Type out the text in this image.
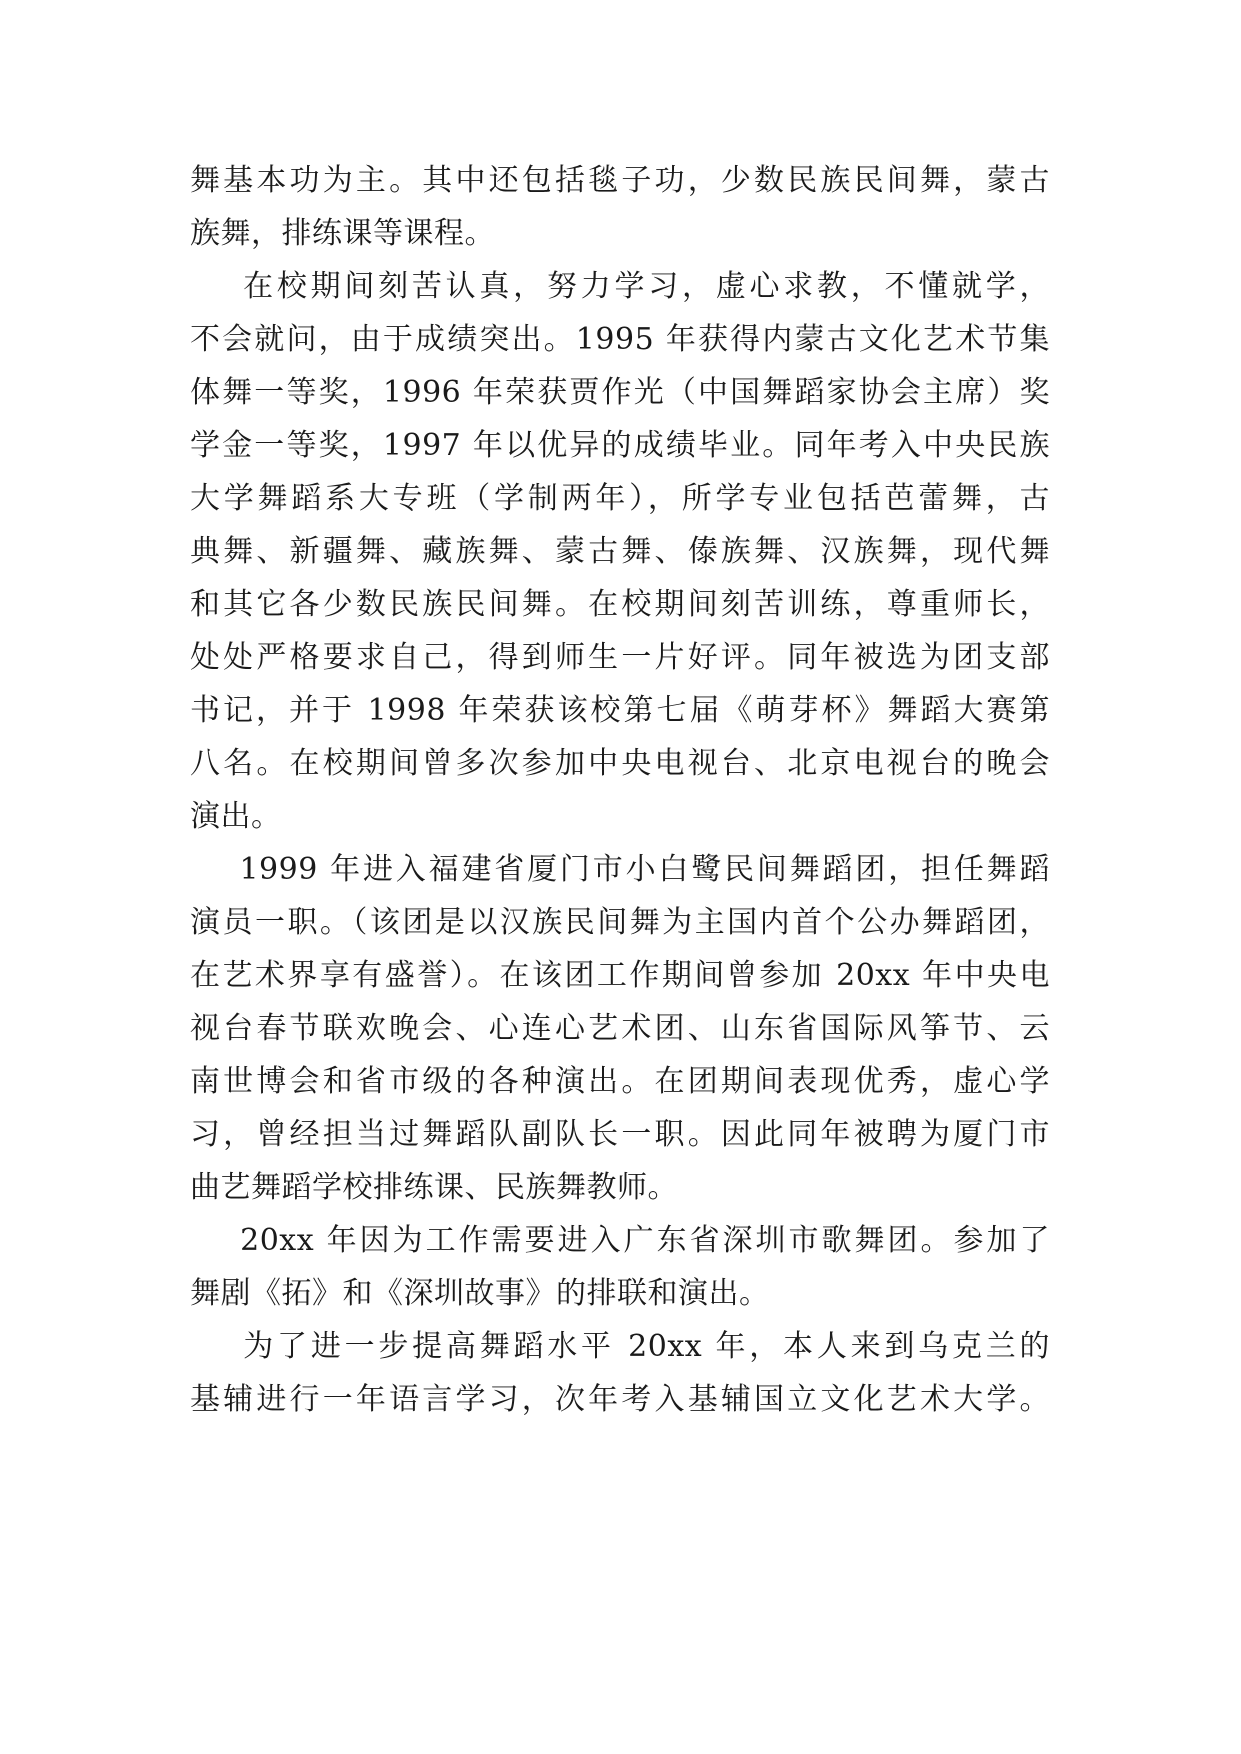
舞基本功为主。其中还包括毯子功，少数民族民间舞，蒙古
族舞，排练课等课程。
在校期间刻苦认真，努力学习，虚心求教，不懂就学，
不会就问，由于成绩突出。1995 年获得内蒙古文化艺术节集
体舞一等奖，1996 年荣获贾作光（中国舞蹈家协会主席）奖
学金一等奖，1997 年以优异的成绩毕业。同年考入中央民族
大学舞蹈系大专班（学制两年），所学专业包括芭蕾舞，古
典舞、新疆舞、藏族舞、蒙古舞、傣族舞、汉族舞，现代舞
和其它各少数民族民间舞。在校期间刻苦训练，尊重师长，
处处严格要求自己，得到师生一片好评。同年被选为团支部
书记，并于 1998 年荣获该校第七届《萌芽杯》舞蹈大赛第
八名。在校期间曾多次参加中央电视台、北京电视台的晚会
演出。
1999 年进入福建省厦门市小白鹭民间舞蹈团，担任舞蹈
演员一职。（该团是以汉族民间舞为主国内首个公办舞蹈团，
在艺术界享有盛誉）。在该团工作期间曾参加 20xx 年中央电
视台春节联欢晚会、心连心艺术团、山东省国际风筝节、云
南世博会和省市级的各种演出。在团期间表现优秀，虚心学
习，曾经担当过舞蹈队副队长一职。因此同年被聘为厦门市
曲艺舞蹈学校排练课、民族舞教师。
20xx 年因为工作需要进入广东省深圳市歌舞团。参加了
舞剧《拓》和《深圳故事》的排联和演出。
为了进一步提高舞蹈水平 20xx 年，本人来到乌克兰的
基辅进行一年语言学习，次年考入基辅国立文化艺术大学。
